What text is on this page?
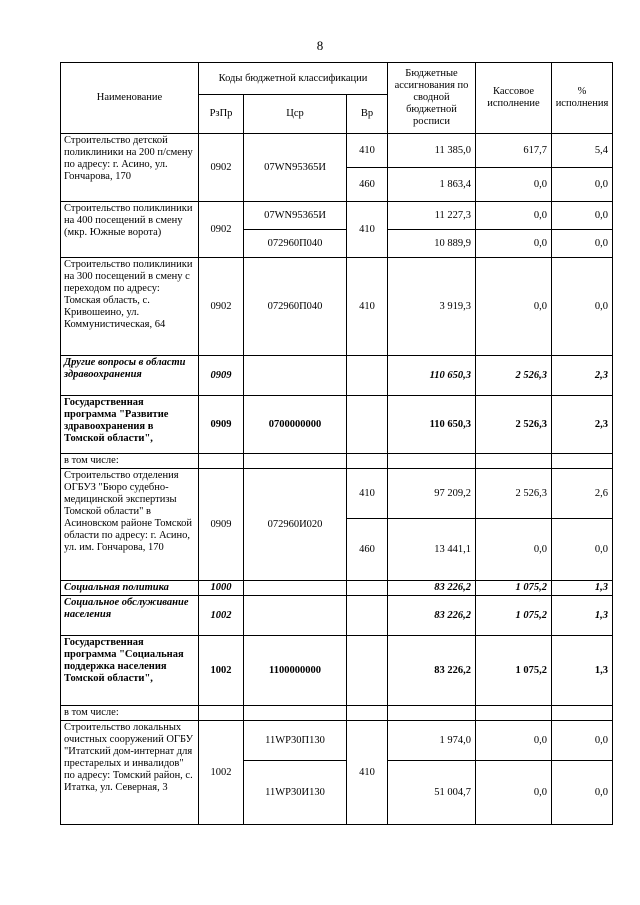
8
Наименование	Коды бюджетной классификации			Бюджетные ассигнования по сводной бюджетной росписи	Кассовое исполнение	% исполнения
	РзПр	Цср	Вр			
Строительство детской поликлиники на 200 п/смену по адресу: г. Асино, ул. Гончарова, 170	0902	07WN95365И	410	11 385,0	617,7	5,4
			460	1 863,4	0,0	0,0
Строительство поликлиники на 400 посещений в смену (мкр. Южные ворота)	0902	07WN95365И	410	11 227,3	0,0	0,0
		072960П040		10 889,9	0,0	0,0
Строительство поликлиники на 300 посещений в смену с переходом по адресу: Томская область, с. Кривошеино, ул. Коммунистическая, 64	0902	072960П040	410	3 919,3	0,0	0,0
Другие вопросы в области здравоохранения	0909			110 650,3	2 526,3	2,3
Государственная программа "Развитие здравоохранения в Томской области",	0909	0700000000		110 650,3	2 526,3	2,3
в том числе:						
Строительство отделения ОГБУЗ "Бюро судебно-медицинской экспертизы Томской области" в Асиновском районе Томской области по адресу: г. Асино, ул. им. Гончарова, 170	0909	072960И020	410	97 209,2	2 526,3	2,6
			460	13 441,1	0,0	0,0
Социальная политика	1000			83 226,2	1 075,2	1,3
Социальное обслуживание населения	1002			83 226,2	1 075,2	1,3
Государственная программа "Социальная поддержка населения Томской области",	1002	1100000000		83 226,2	1 075,2	1,3
в том числе:						
Строительство локальных очистных сооружений ОГБУ "Итатский дом-интернат для престарелых и инвалидов" по адресу: Томский район, с. Итатка, ул. Северная, 3	1002	11WP30П130	410	1 974,0	0,0	0,0
		11WP30И130		51 004,7	0,0	0,0
